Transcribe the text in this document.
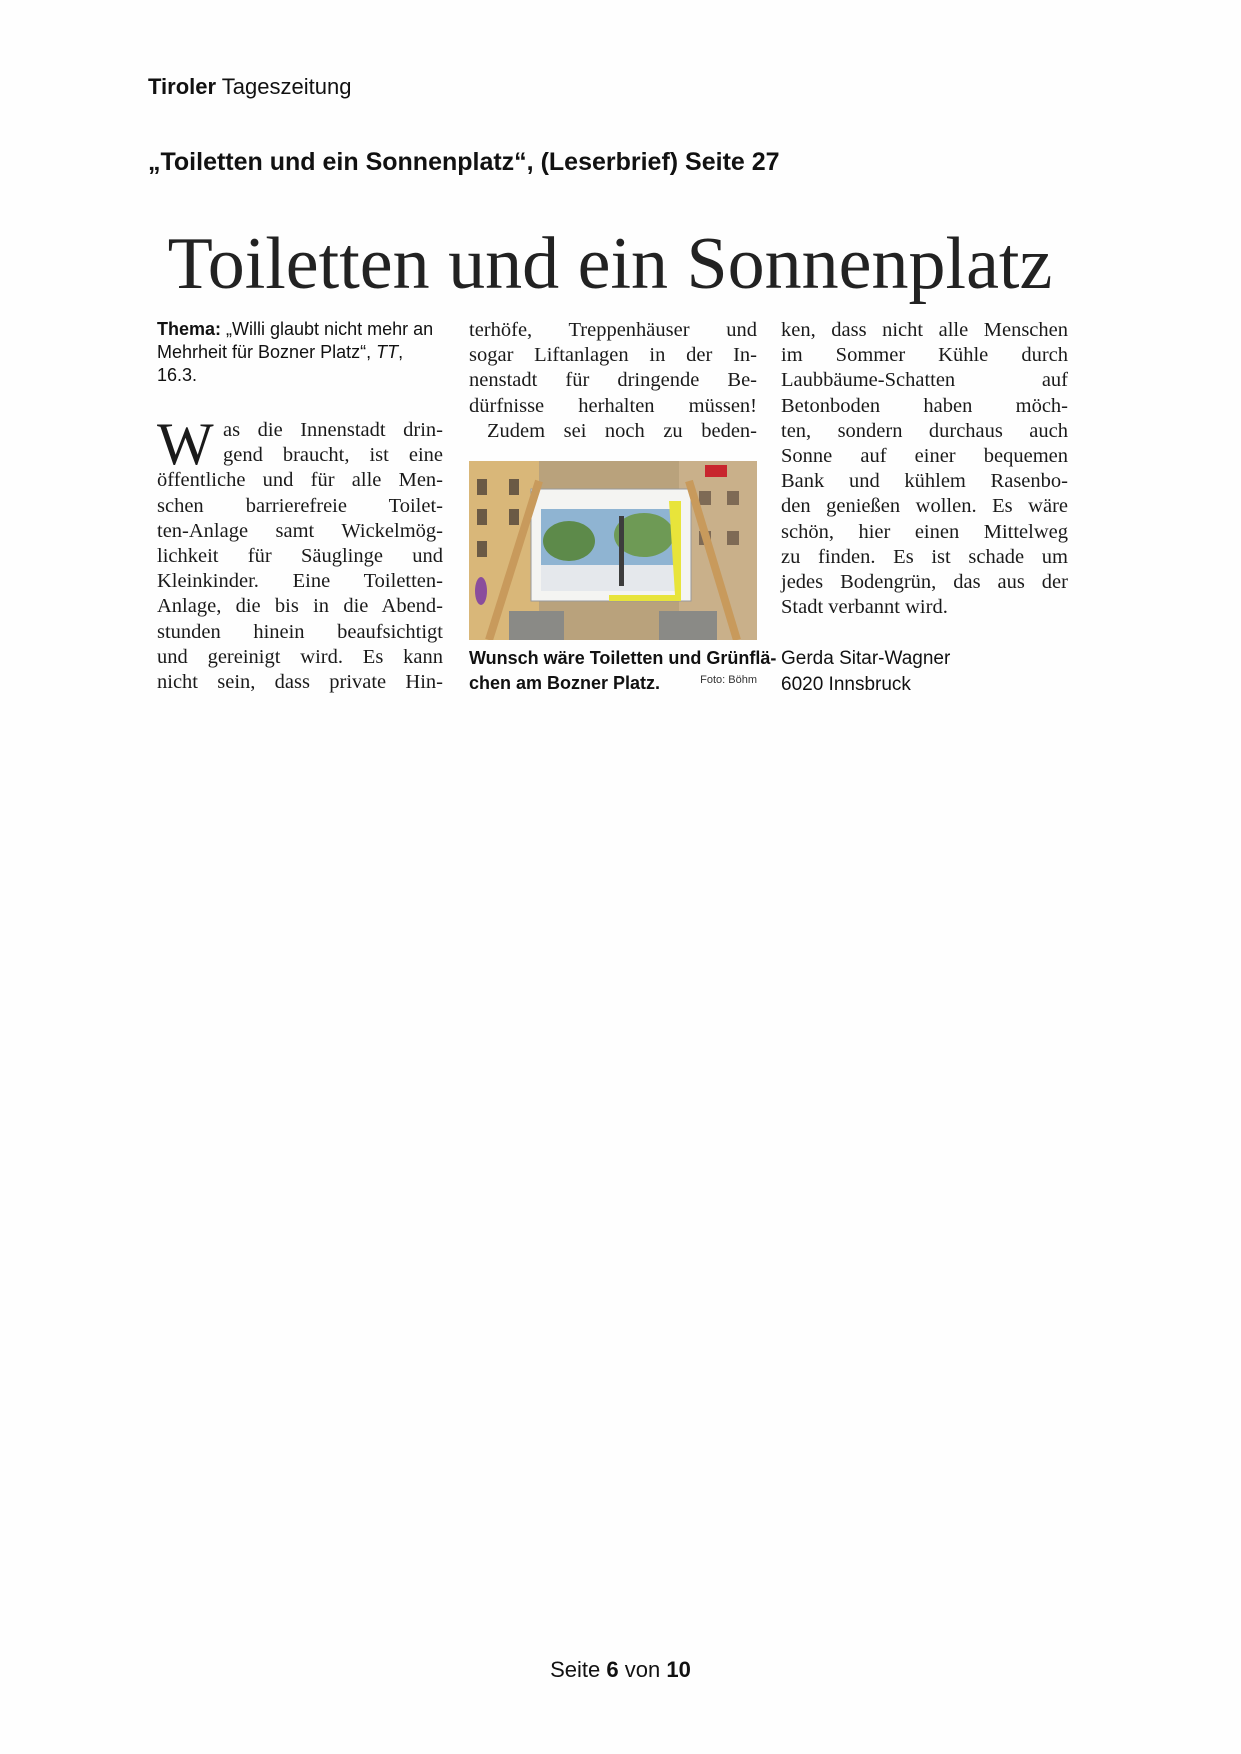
Tiroler Tageszeitung
„Toiletten und ein Sonnenplatz“, (Leserbrief) Seite 27
Toiletten und ein Sonnenplatz
Thema: „Willi glaubt nicht mehr an Mehrheit für Bozner Platz“, TT, 16.3.
W as die Innenstadt drin-
gend braucht, ist eine
öffentliche und für alle Men-
schen barrierefreie Toilet-
ten-Anlage samt Wickelmög-
lichkeit für Säuglinge und
Kleinkinder. Eine Toiletten-
Anlage, die bis in die Abend-
stunden hinein beaufsichtigt
und gereinigt wird. Es kann
nicht sein, dass private Hin-
terhöfe, Treppenhäuser und
sogar Liftanlagen in der In-
nenstadt für dringende Be-
dürfnisse herhalten müssen!
Zudem sei noch zu beden-
Wunsch wäre Toiletten und Grünflä-
chen am Bozner Platz.	Foto: Böhm
ken, dass nicht alle Menschen
im Sommer Kühle durch
Laubbäume-Schatten auf
Betonboden haben möch-
ten, sondern durchaus auch
Sonne auf einer bequemen
Bank und kühlem Rasenbo-
den genießen wollen. Es wäre
schön, hier einen Mittelweg
zu finden. Es ist schade um
jedes Bodengrün, das aus der
Stadt verbannt wird.
Gerda Sitar-Wagner
6020 Innsbruck
Seite 6 von 10
